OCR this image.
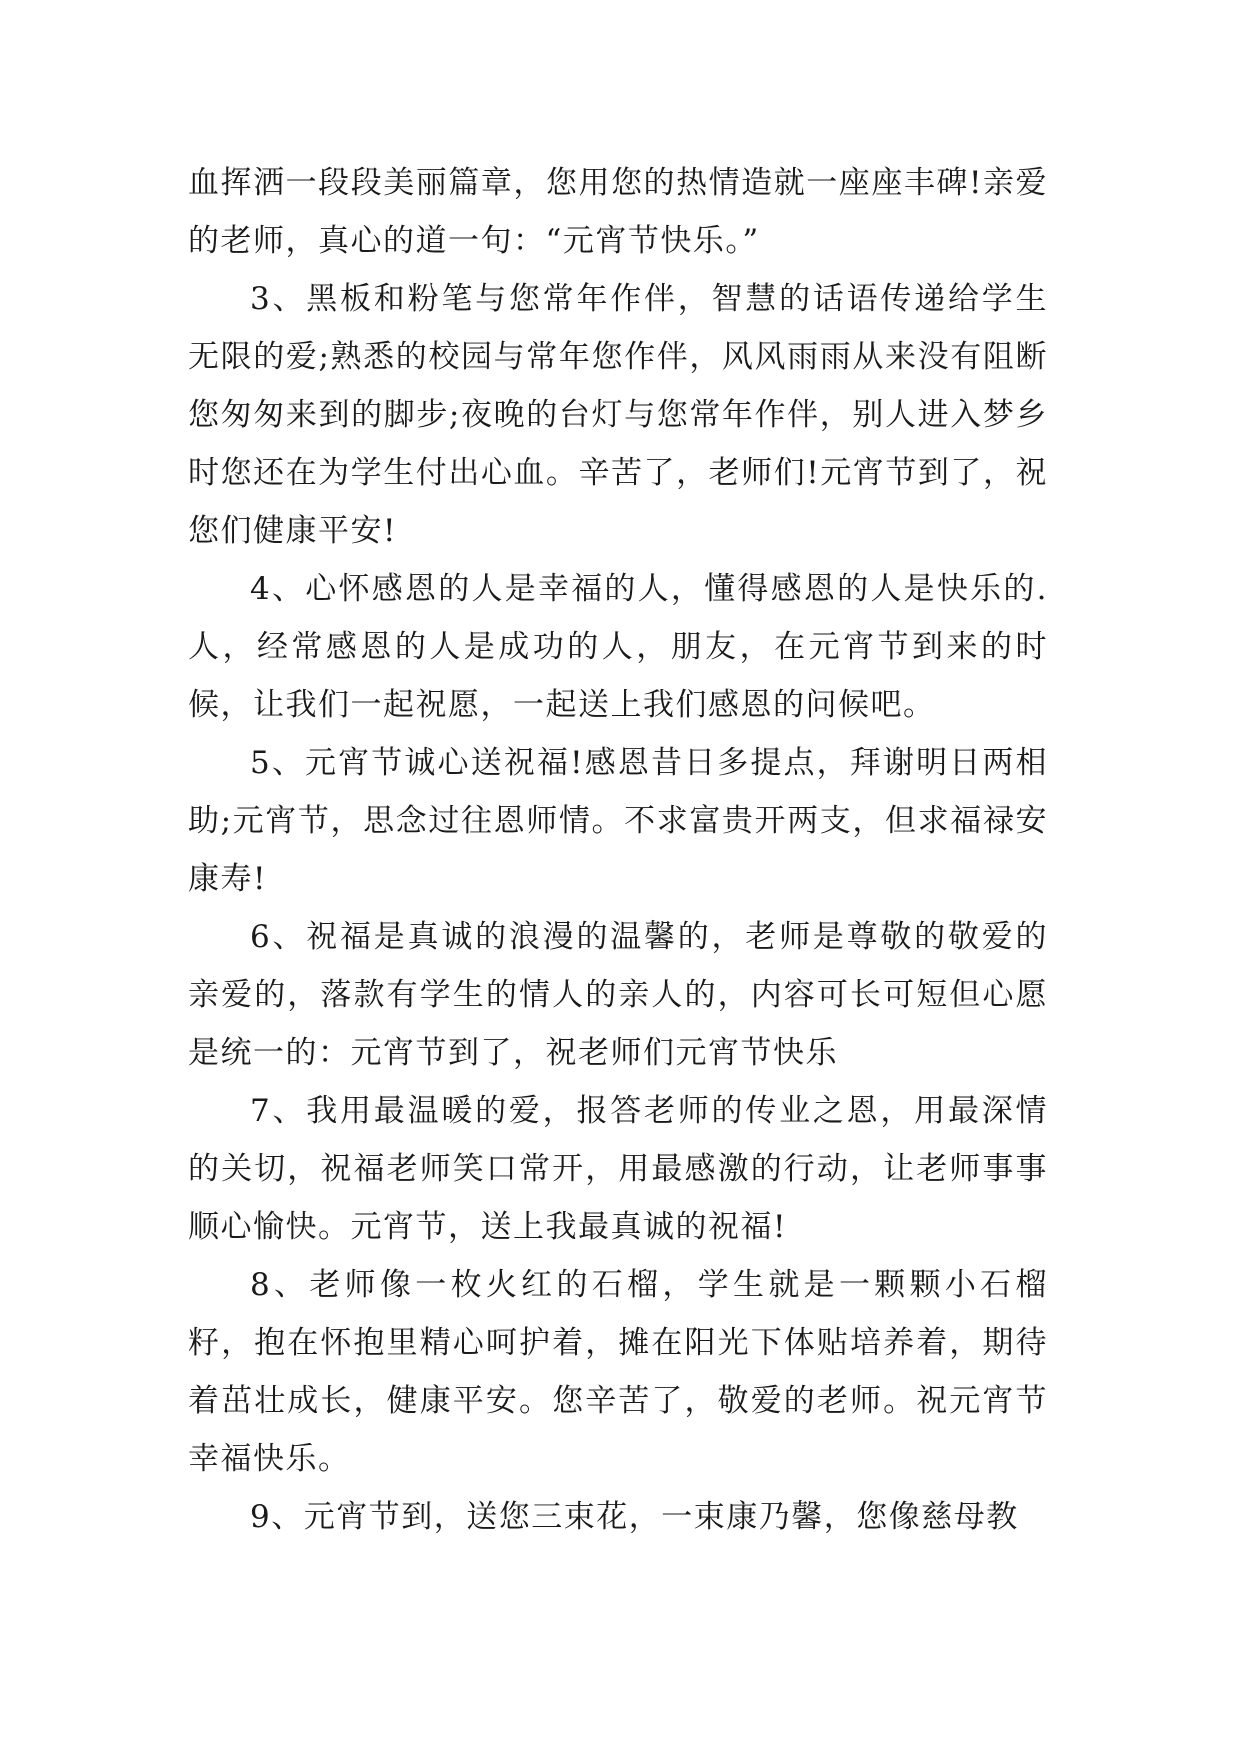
血挥洒一段段美丽篇章，您用您的热情造就一座座丰碑!亲爱的老师，真心的道一句：“元宵节快乐。”

3、黑板和粉笔与您常年作伴，智慧的话语传递给学生无限的爱;熟悉的校园与常年您作伴，风风雨雨从来没有阻断您匆匆来到的脚步;夜晚的台灯与您常年作伴，别人进入梦乡时您还在为学生付出心血。辛苦了，老师们!元宵节到了，祝您们健康平安!

4、心怀感恩的人是幸福的人，懂得感恩的人是快乐的.人，经常感恩的人是成功的人，朋友，在元宵节到来的时候，让我们一起祝愿，一起送上我们感恩的问候吧。

5、元宵节诚心送祝福!感恩昔日多提点，拜谢明日两相助;元宵节，思念过往恩师情。不求富贵开两支，但求福禄安康寿!

6、祝福是真诚的浪漫的温馨的，老师是尊敬的敬爱的亲爱的，落款有学生的情人的亲人的，内容可长可短但心愿是统一的：元宵节到了，祝老师们元宵节快乐

7、我用最温暖的爱，报答老师的传业之恩，用最深情的关切，祝福老师笑口常开，用最感激的行动，让老师事事顺心愉快。元宵节，送上我最真诚的祝福!

8、老师像一枚火红的石榴，学生就是一颗颗小石榴籽，抱在怀抱里精心呵护着，摊在阳光下体贴培养着，期待着茁壮成长，健康平安。您辛苦了，敬爱的老师。祝元宵节幸福快乐。

9、元宵节到，送您三束花，一束康乃馨，您像慈母教
